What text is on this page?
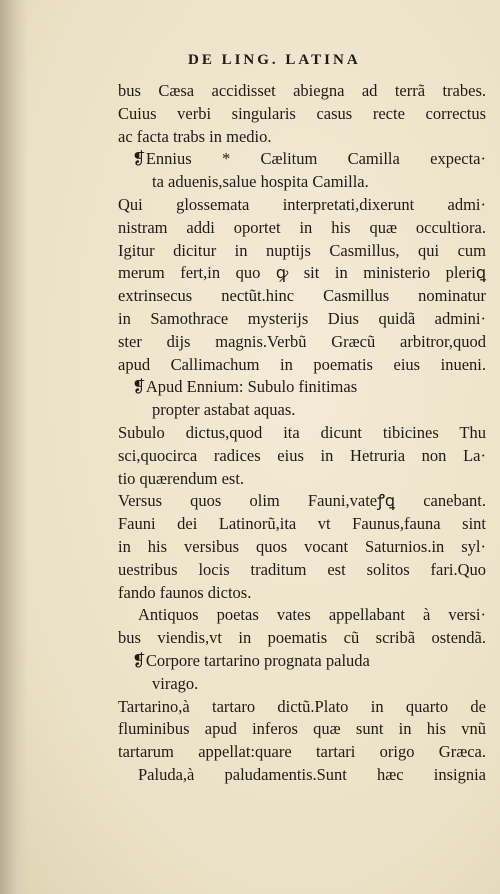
DE LING. LATINA
bus Cæsa accidisset abiegna ad terrã trabes.
Cuius verbi singularis casus recte correctus
ac facta trabs in medio.
❡Ennius * Cælitum Camilla expecta·
ta aduenis,salue hospita Camilla.
Qui glossemata interpretati,dixerunt admi·
nistram addi oportet in his quæ occultiora.
Igitur dicitur in nuptijs Casmillus, qui cum
merum fert,in quo ꝙ sit in ministerio pleriꝗ
extrinsecus nectũt.hinc Casmillus nominatur
in Samothrace mysterijs Dius quidã admini·
ster dijs magnis.Verbũ Græcũ arbitror,quod
apud Callimachum in poematis eius inueni.
❡Apud Ennium: Subulo finitimas
propter astabat aquas.
Subulo dictus,quod ita dicunt tibicines Thu
sci,quocirca radices eius in Hetruria non La·
tio quærendum est.
Versus quos olim Fauni,vateꝭꝗ canebant.
Fauni dei Latinorũ,ita vt Faunus,fauna sint
in his versibus quos vocant Saturnios.in syl·
uestribus locis traditum est solitos fari.Quo
fando faunos dictos.
Antiquos poetas vates appellabant à versi·
bus viendis,vt in poematis cũ scribã ostendã.
❡Corpore tartarino prognata paluda
virago.
Tartarino,à tartaro dictũ.Plato in quarto de
fluminibus apud inferos quæ sunt in his vnũ
tartarum appellat:quare tartari origo Græca.
Paluda,à paludamentis.Sunt hæc insignia
